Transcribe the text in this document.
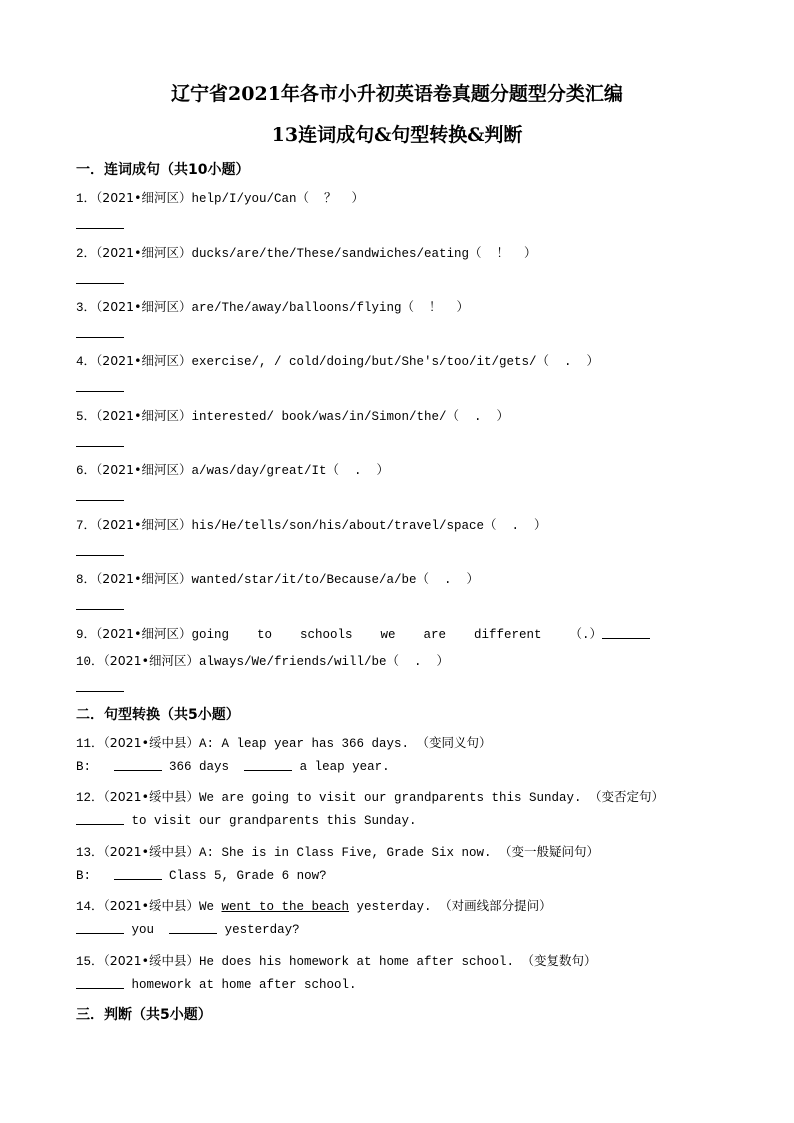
辽宁省2021年各市小升初英语卷真题分题型分类汇编
13连词成句&句型转换&判断
一．连词成句（共10小题）
1．（2021•细河区）help/I/you/Can（  ？  ）
2．（2021•细河区）ducks/are/the/These/sandwiches/eating（  ！  ）
3．（2021•细河区）are/The/away/balloons/flying（  ！  ）
4．（2021•细河区）exercise/, / cold/doing/but/She's/too/it/gets/（  .  ）
5．（2021•细河区）interested/ book/was/in/Simon/the/（  .  ）
6．（2021•细河区）a/was/day/great/It（  .  ）
7．（2021•细河区）his/He/tells/son/his/about/travel/space（  .  ）
8．（2021•细河区）wanted/star/it/to/Because/a/be（  .  ）
9．（2021•细河区）going to schools we are different （.）
10．（2021•细河区）always/We/friends/will/be（  .  ）
二．句型转换（共5小题）
11．（2021•绥中县）A: A leap year has 366 days. （变同义句）
B:	366 days	a leap year.
12．（2021•绥中县）We are going to visit our grandparents this Sunday. （变否定句）
to visit our grandparents this Sunday.
13．（2021•绥中县）A: She is in Class Five, Grade Six now. （变一般疑问句）
B:	Class 5, Grade 6 now?
14．（2021•绥中县）We went to the beach yesterday. （对画线部分提问）
you	yesterday?
15．（2021•绥中县）He does his homework at home after school. （变复数句）
homework at home after school.
三．判断（共5小题）
